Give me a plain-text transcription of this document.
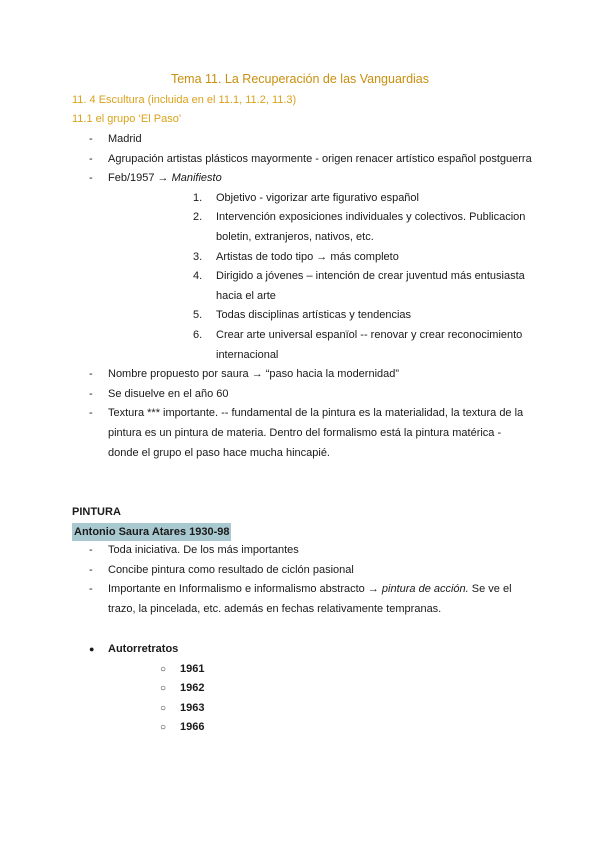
Tema 11. La Recuperación de las Vanguardias
11. 4 Escultura (incluida en el 11.1, 11.2, 11.3)
11.1 el grupo ‘El Paso’
- Madrid
- Agrupación artistas plásticos mayormente - origen renacer artístico español postguerra
- Feb/1957 → Manifiesto
1. Objetivo - vigorizar arte figurativo español
2. Intervención exposiciones individuales y colectivos. Publicacion boletin, extranjeros, nativos, etc.
3. Artistas de todo tipo → más completo
4. Dirigido a jóvenes – intención de crear juventud más entusiasta hacia el arte
5. Todas disciplinas artísticas y tendencias
6. Crear arte universal espanïol -- renovar y crear reconocimiento internacional
- Nombre propuesto por saura → “paso hacia la modernidad”
- Se disuelve en el año 60
- Textura *** importante. -- fundamental de la pintura es la materialidad, la textura de la pintura es un pintura de materia. Dentro del formalismo está la pintura matérica - donde el grupo el paso hace mucha hincapié.
PINTURA
Antonio Saura Atares 1930-98
- Toda iniciativa. De los más importantes
- Concibe pintura como resultado de ciclón pasional
- Importante en Informalismo e informalismo abstracto → pintura de acción. Se ve el trazo, la pincelada, etc. además en fechas relativamente tempranas.
● Autorretratos
○ 1961
○ 1962
○ 1963
○ 1966
